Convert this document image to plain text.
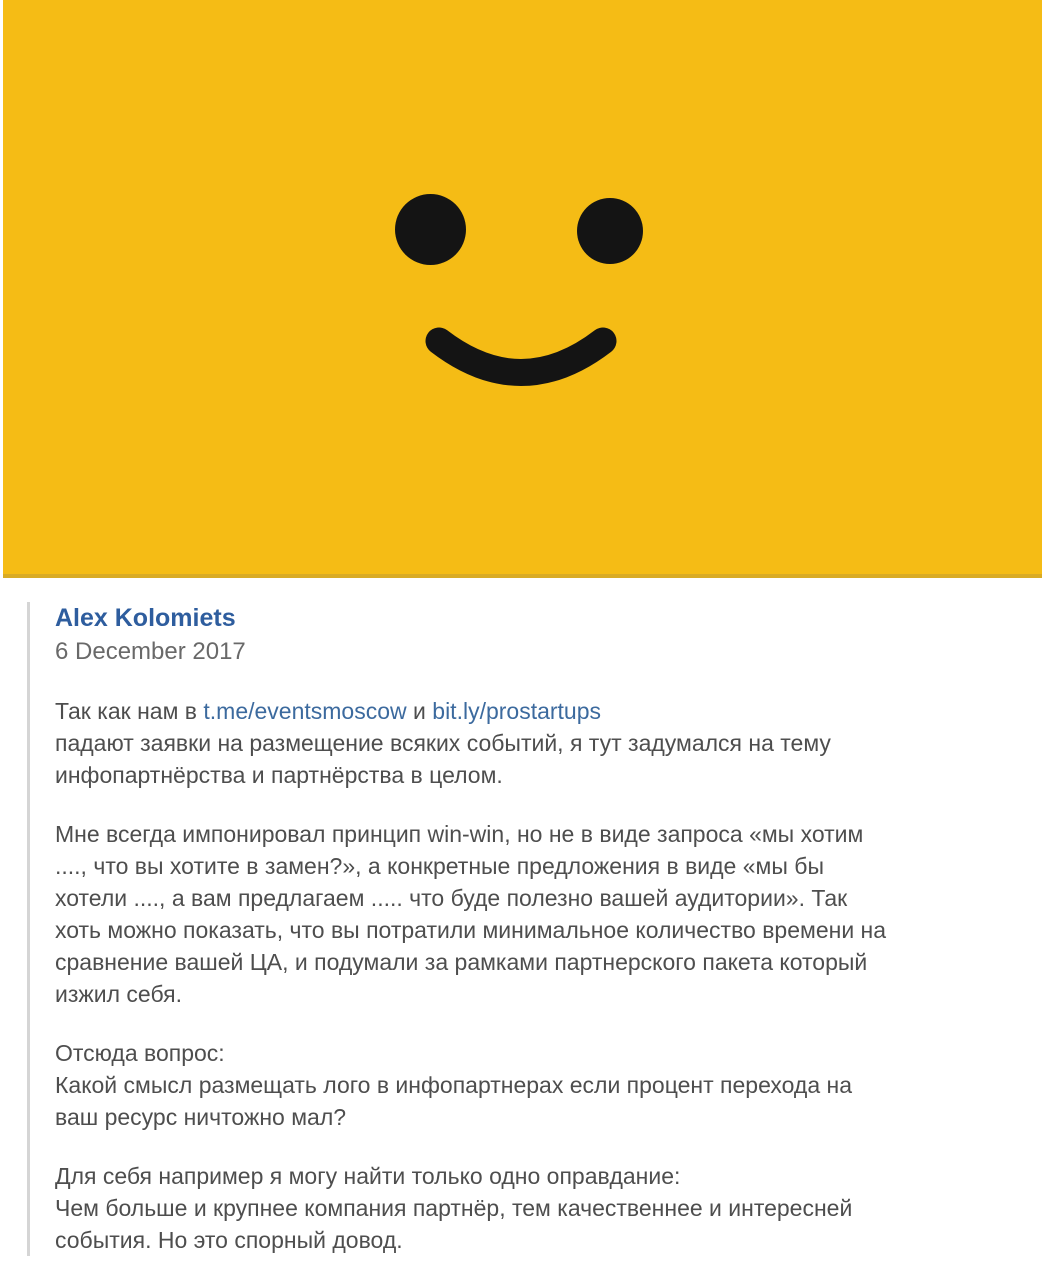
Alex Kolomiets
6 December 2017
Так как нам в t.me/eventsmoscow и bit.ly/prostartups
падают заявки на размещение всяких событий, я тут задумался на тему
инфопартнёрства и партнёрства в целом.
Мне всегда импонировал принцип win-win, но не в виде запроса «мы хотим
...., что вы хотите в замен?», а конкретные предложения в виде «мы бы
хотели ...., а вам предлагаем ..... что буде полезно вашей аудитории». Так
хоть можно показать, что вы потратили минимальное количество времени на
сравнение вашей ЦА, и подумали за рамками партнерского пакета который
изжил себя.
Отсюда вопрос:
Какой смысл размещать лого в инфопартнерах если процент перехода на
ваш ресурс ничтожно мал?
Для себя например я могу найти только одно оправдание:
Чем больше и крупнее компания партнёр, тем качественнее и интересней
события. Но это спорный довод.
